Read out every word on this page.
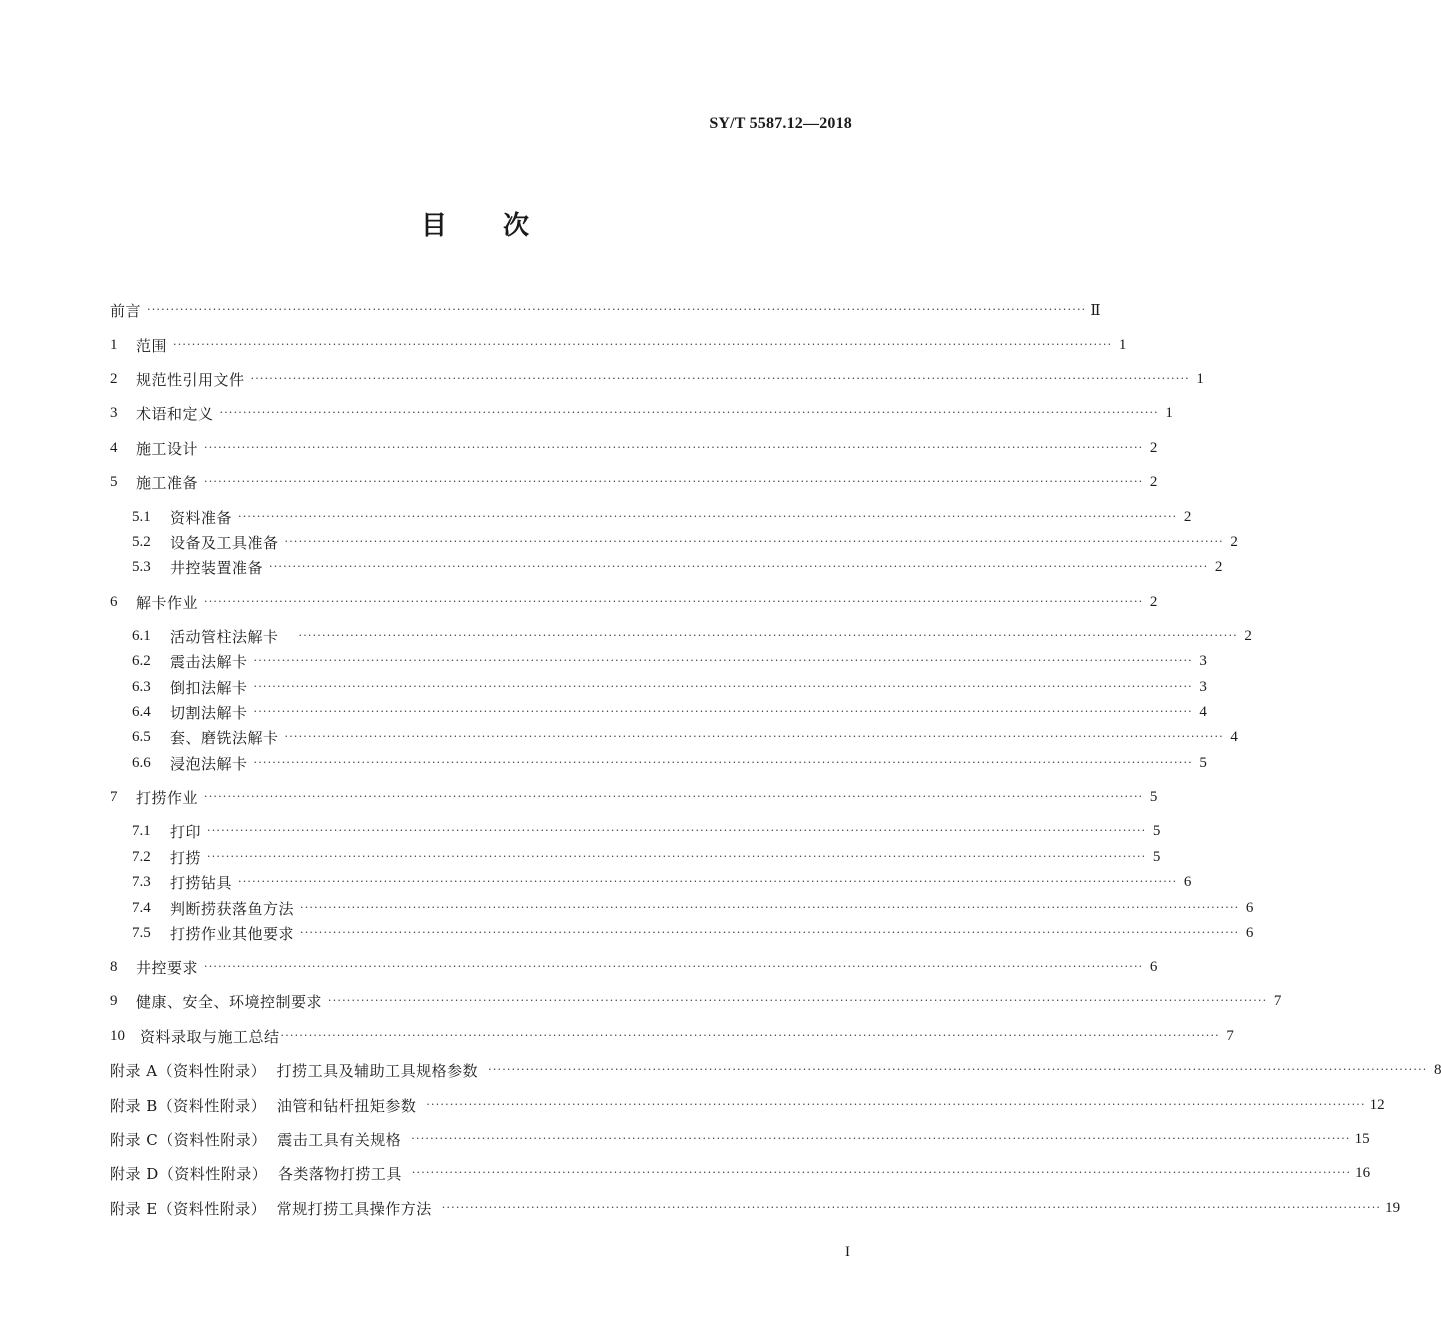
SY/T 5587.12—2018
目 次
前言 ········································································································································································································ Ⅱ
1	范围 ········································································································································································································ 1
2	规范性引用文件 ········································································································································································································ 1
3	术语和定义 ········································································································································································································ 1
4	施工设计 ········································································································································································································ 2
5	施工准备 ········································································································································································································ 2
5.1	资料准备 ········································································································································································································ 2
5.2	设备及工具准备 ········································································································································································································ 2
5.3	井控装置准备 ········································································································································································································ 2
6	解卡作业 ········································································································································································································ 2
6.1	活动管柱法解卡 ········································································································································································································ 2
6.2	震击法解卡 ········································································································································································································ 3
6.3	倒扣法解卡 ········································································································································································································ 3
6.4	切割法解卡 ········································································································································································································ 4
6.5	套、磨铣法解卡 ········································································································································································································ 4
6.6	浸泡法解卡 ········································································································································································································ 5
7	打捞作业 ········································································································································································································ 5
7.1	打印 ········································································································································································································ 5
7.2	打捞 ········································································································································································································ 5
7.3	打捞钻具 ········································································································································································································ 6
7.4	判断捞获落鱼方法 ········································································································································································································ 6
7.5	打捞作业其他要求 ········································································································································································································ 6
8	井控要求 ········································································································································································································ 6
9	健康、安全、环境控制要求 ········································································································································································································ 7
10	资料录取与施工总结 ········································································································································································································ 7
附录 A（资料性附录）  打捞工具及辅助工具规格参数 ········································································································································································································ 8
附录 B（资料性附录）  油管和钻杆扭矩参数 ········································································································································································································ 12
附录 C（资料性附录）  震击工具有关规格 ········································································································································································································ 15
附录 D（资料性附录）  各类落物打捞工具 ········································································································································································································ 16
附录 E（资料性附录）  常规打捞工具操作方法 ········································································································································································································ 19
I
